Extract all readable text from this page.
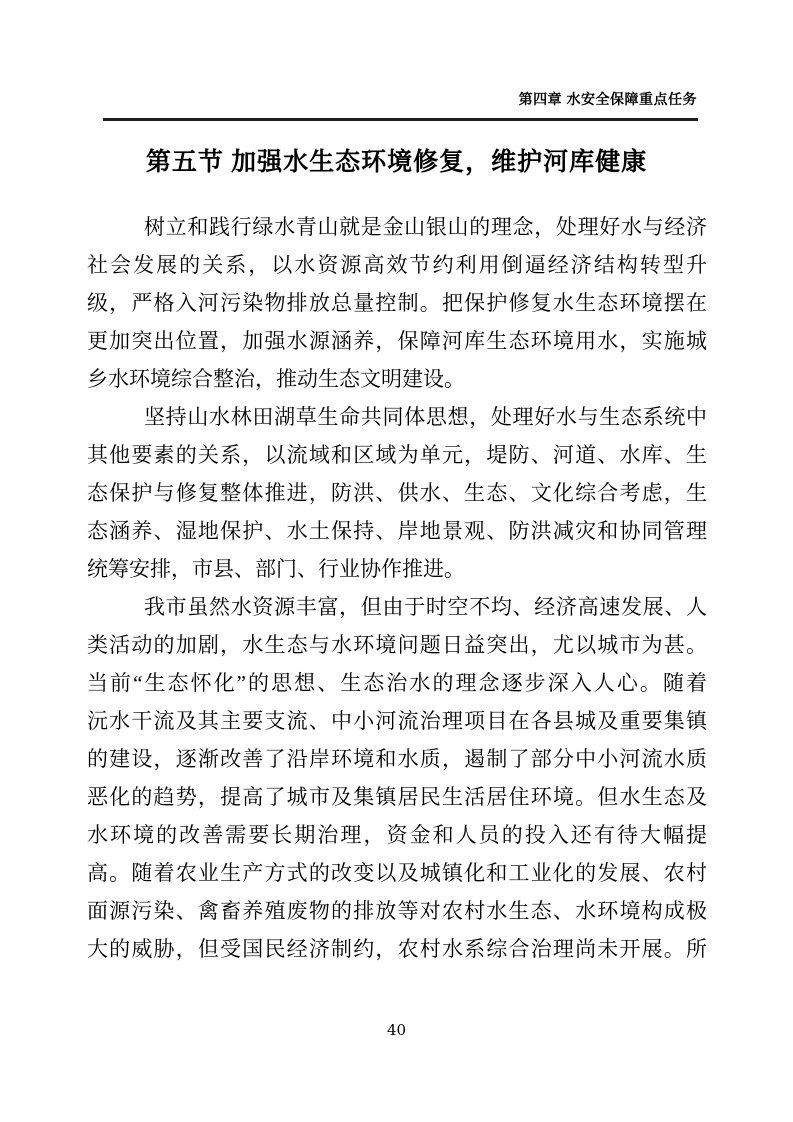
第四章 水安全保障重点任务
第五节 加强水生态环境修复，维护河库健康
树立和践行绿水青山就是金山银山的理念，处理好水与经济
社会发展的关系，以水资源高效节约利用倒逼经济结构转型升
级，严格入河污染物排放总量控制。把保护修复水生态环境摆在
更加突出位置，加强水源涵养，保障河库生态环境用水，实施城
乡水环境综合整治，推动生态文明建设。
坚持山水林田湖草生命共同体思想，处理好水与生态系统中
其他要素的关系，以流域和区域为单元，堤防、河道、水库、生
态保护与修复整体推进，防洪、供水、生态、文化综合考虑，生
态涵养、湿地保护、水土保持、岸地景观、防洪减灾和协同管理
统筹安排，市县、部门、行业协作推进。
我市虽然水资源丰富，但由于时空不均、经济高速发展、人
类活动的加剧，水生态与水环境问题日益突出，尤以城市为甚。
当前“生态怀化”的思想、生态治水的理念逐步深入人心。随着
沅水干流及其主要支流、中小河流治理项目在各县城及重要集镇
的建设，逐渐改善了沿岸环境和水质，遏制了部分中小河流水质
恶化的趋势，提高了城市及集镇居民生活居住环境。但水生态及
水环境的改善需要长期治理，资金和人员的投入还有待大幅提
高。随着农业生产方式的改变以及城镇化和工业化的发展、农村
面源污染、禽畜养殖废物的排放等对农村水生态、水环境构成极
大的威胁，但受国民经济制约，农村水系综合治理尚未开展。所
40
